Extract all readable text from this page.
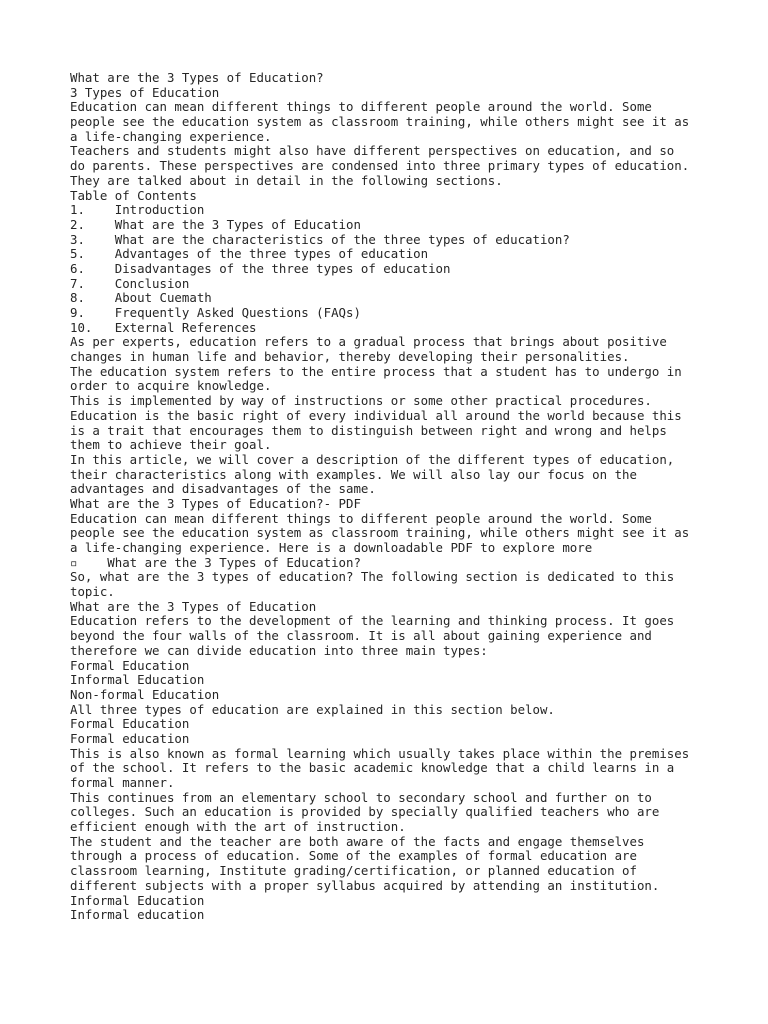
What are the 3 Types of Education?
3 Types of Education
Education can mean different things to different people around the world. Some
people see the education system as classroom training, while others might see it as
a life-changing experience.
Teachers and students might also have different perspectives on education, and so
do parents. These perspectives are condensed into three primary types of education.
They are talked about in detail in the following sections.
Table of Contents
1.    Introduction
2.    What are the 3 Types of Education
3.    What are the characteristics of the three types of education?
5.    Advantages of the three types of education
6.    Disadvantages of the three types of education
7.    Conclusion
8.    About Cuemath
9.    Frequently Asked Questions (FAQs)
10.   External References
As per experts, education refers to a gradual process that brings about positive
changes in human life and behavior, thereby developing their personalities.
The education system refers to the entire process that a student has to undergo in
order to acquire knowledge.
This is implemented by way of instructions or some other practical procedures.
Education is the basic right of every individual all around the world because this
is a trait that encourages them to distinguish between right and wrong and helps
them to achieve their goal.
In this article, we will cover a description of the different types of education,
their characteristics along with examples. We will also lay our focus on the
advantages and disadvantages of the same.
What are the 3 Types of Education?- PDF
Education can mean different things to different people around the world. Some
people see the education system as classroom training, while others might see it as
a life-changing experience. Here is a downloadable PDF to explore more
▫    What are the 3 Types of Education?
So, what are the 3 types of education? The following section is dedicated to this
topic.
What are the 3 Types of Education
Education refers to the development of the learning and thinking process. It goes
beyond the four walls of the classroom. It is all about gaining experience and
therefore we can divide education into three main types:
Formal Education
Informal Education
Non-formal Education
All three types of education are explained in this section below.
Formal Education
Formal education
This is also known as formal learning which usually takes place within the premises
of the school. It refers to the basic academic knowledge that a child learns in a
formal manner.
This continues from an elementary school to secondary school and further on to
colleges. Such an education is provided by specially qualified teachers who are
efficient enough with the art of instruction.
The student and the teacher are both aware of the facts and engage themselves
through a process of education. Some of the examples of formal education are
classroom learning, Institute grading/certification, or planned education of
different subjects with a proper syllabus acquired by attending an institution.
Informal Education
Informal education
